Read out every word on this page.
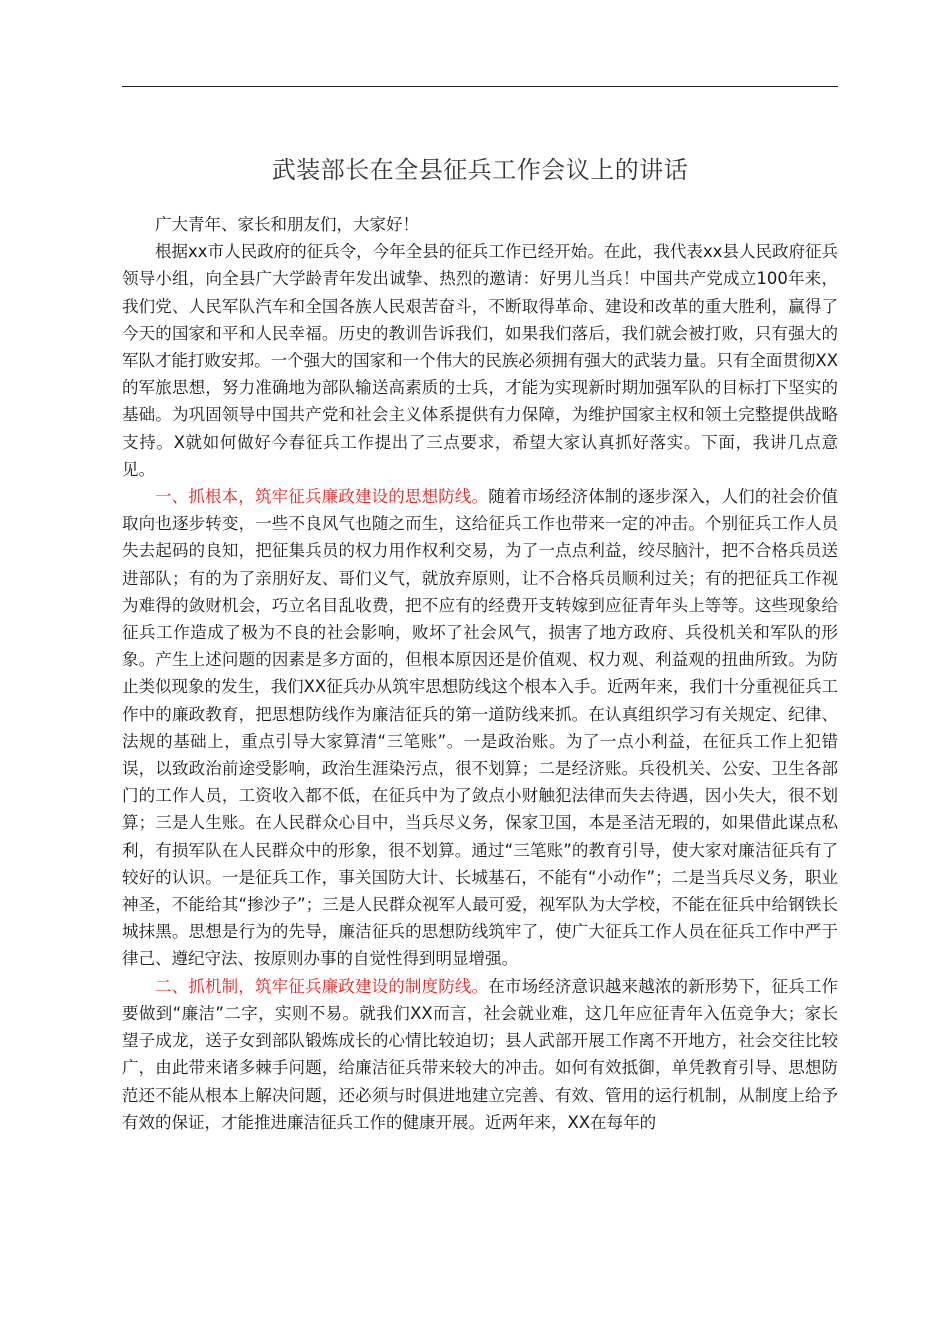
武装部长在全县征兵工作会议上的讲话

广大青年、家长和朋友们，大家好！

根据xx市人民政府的征兵令，今年全县的征兵工作已经开始。在此，我代表xx县人民政府征兵领导小组，向全县广大学龄青年发出诚挚、热烈的邀请：好男儿当兵！中国共产党成立100年来，我们党、人民军队汽车和全国各族人民艰苦奋斗，不断取得革命、建设和改革的重大胜利，赢得了今天的国家和平和人民幸福。历史的教训告诉我们，如果我们落后，我们就会被打败，只有强大的军队才能打败安邦。一个强大的国家和一个伟大的民族必须拥有强大的武装力量。只有全面贯彻XX的军旅思想，努力准确地为部队输送高素质的士兵，才能为实现新时期加强军队的目标打下坚实的基础。为巩固领导中国共产党和社会主义体系提供有力保障，为维护国家主权和领土完整提供战略支持。X就如何做好今春征兵工作提出了三点要求，希望大家认真抓好落实。下面，我讲几点意见。

一、抓根本，筑牢征兵廉政建设的思想防线。随着市场经济体制的逐步深入，人们的社会价值取向也逐步转变，一些不良风气也随之而生，这给征兵工作也带来一定的冲击。个别征兵工作人员失去起码的良知，把征集兵员的权力用作权利交易，为了一点点利益，绞尽脑汁，把不合格兵员送进部队；有的为了亲朋好友、哥们义气，就放弃原则，让不合格兵员顺利过关；有的把征兵工作视为难得的敛财机会，巧立名目乱收费，把不应有的经费开支转嫁到应征青年头上等等。这些现象给征兵工作造成了极为不良的社会影响，败坏了社会风气，损害了地方政府、兵役机关和军队的形象。产生上述问题的因素是多方面的，但根本原因还是价值观、权力观、利益观的扭曲所致。为防止类似现象的发生，我们XX征兵办从筑牢思想防线这个根本入手。近两年来，我们十分重视征兵工作中的廉政教育，把思想防线作为廉洁征兵的第一道防线来抓。在认真组织学习有关规定、纪律、法规的基础上，重点引导大家算清“三笔账”。一是政治账。为了一点小利益，在征兵工作上犯错误，以致政治前途受影响，政治生涯染污点，很不划算；二是经济账。兵役机关、公安、卫生各部门的工作人员，工资收入都不低，在征兵中为了敛点小财触犯法律而失去待遇，因小失大，很不划算；三是人生账。在人民群众心目中，当兵尽义务，保家卫国，本是圣洁无瑕的，如果借此谋点私利，有损军队在人民群众中的形象，很不划算。通过“三笔账”的教育引导，使大家对廉洁征兵有了较好的认识。一是征兵工作，事关国防大计、长城基石，不能有“小动作”；二是当兵尽义务，职业神圣，不能给其“掺沙子”；三是人民群众视军人最可爱，视军队为大学校，不能在征兵中给钢铁长城抹黑。思想是行为的先导，廉洁征兵的思想防线筑牢了，使广大征兵工作人员在征兵工作中严于律己、遵纪守法、按原则办事的自觉性得到明显增强。

二、抓机制，筑牢征兵廉政建设的制度防线。在市场经济意识越来越浓的新形势下，征兵工作要做到“廉洁”二字，实则不易。就我们XX而言，社会就业难，这几年应征青年入伍竞争大；家长望子成龙，送子女到部队锻炼成长的心情比较迫切；县人武部开展工作离不开地方，社会交往比较广，由此带来诸多棘手问题，给廉洁征兵带来较大的冲击。如何有效抵御，单凭教育引导、思想防范还不能从根本上解决问题，还必须与时俱进地建立完善、有效、管用的运行机制，从制度上给予有效的保证，才能推进廉洁征兵工作的健康开展。近两年来，XX在每年的
